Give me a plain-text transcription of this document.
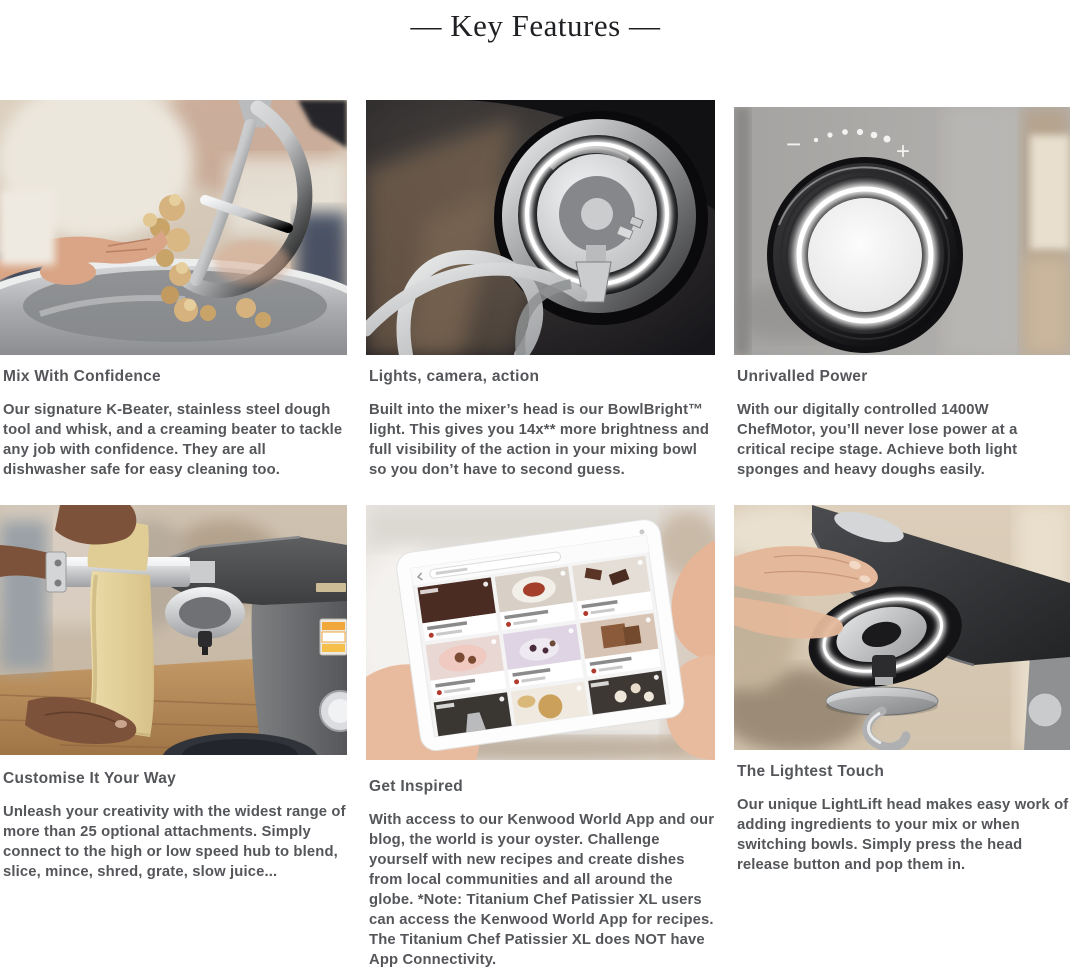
— Key Features —
Mix With Confidence

Our signature K-Beater, stainless steel dough tool and whisk, and a creaming beater to tackle any job with confidence. They are all dishwasher safe for easy cleaning too.

Customise It Your Way

Unleash your creativity with the widest range of more than 25 optional attachments. Simply connect to the high or low speed hub to blend, slice, mince, shred, grate, slow juice...

Lights, camera, action

Built into the mixer’s head is our BowlBright™ light. This gives you 14x** more brightness and full visibility of the action in your mixing bowl so you don’t have to second guess.

Get Inspired

With access to our Kenwood World App and our blog, the world is your oyster. Challenge yourself with new recipes and create dishes from local communities and all around the globe. *Note: Titanium Chef Patissier XL users can access the Kenwood World App for recipes. The Titanium Chef Patissier XL does NOT have App Connectivity.

−	+
Unrivalled Power

With our digitally controlled 1400W ChefMotor, you’ll never lose power at a critical recipe stage. Achieve both light sponges and heavy doughs easily.

The Lightest Touch

Our unique LightLift head makes easy work of adding ingredients to your mix or when switching bowls. Simply press the head release button and pop them in.
